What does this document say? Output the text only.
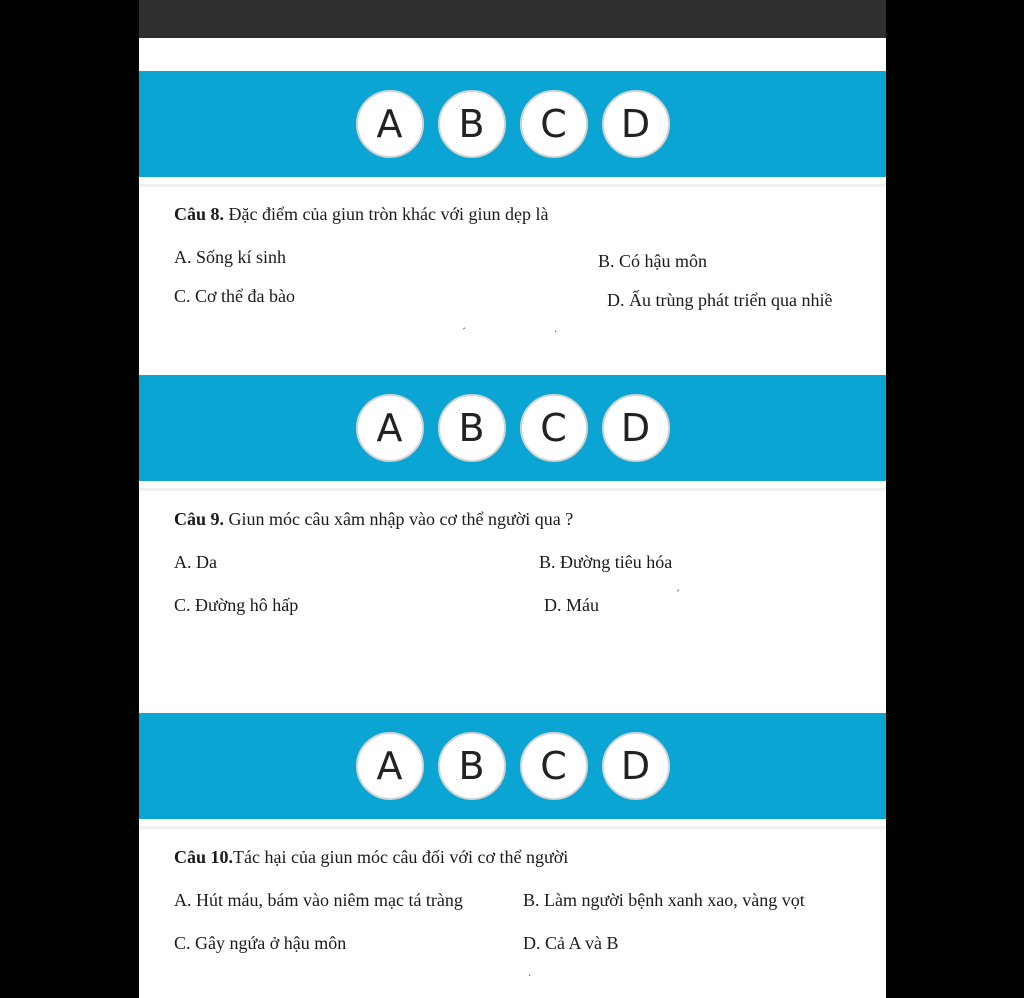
A	B	C	D
Câu 8. Đặc điểm của giun tròn khác với giun dẹp là
A. Sống kí sinh	B. Có hậu môn
C. Cơ thể đa bào	D. Ấu trùng phát triển qua nhiề
ˊ	ˑ
A	B	C	D
Câu 9. Giun móc câu xâm nhập vào cơ thể người qua ?
A. Da	B. Đường tiêu hóa
C. Đường hô hấp	D. Máu
ˊ
A	B	C	D
Câu 10.Tác hại của giun móc câu đối với cơ thể người
A. Hút máu, bám vào niêm mạc tá tràng	B. Làm người bệnh xanh xao, vàng vọt
C. Gây ngứa ở hậu môn	D. Cả A và B
ˑ
